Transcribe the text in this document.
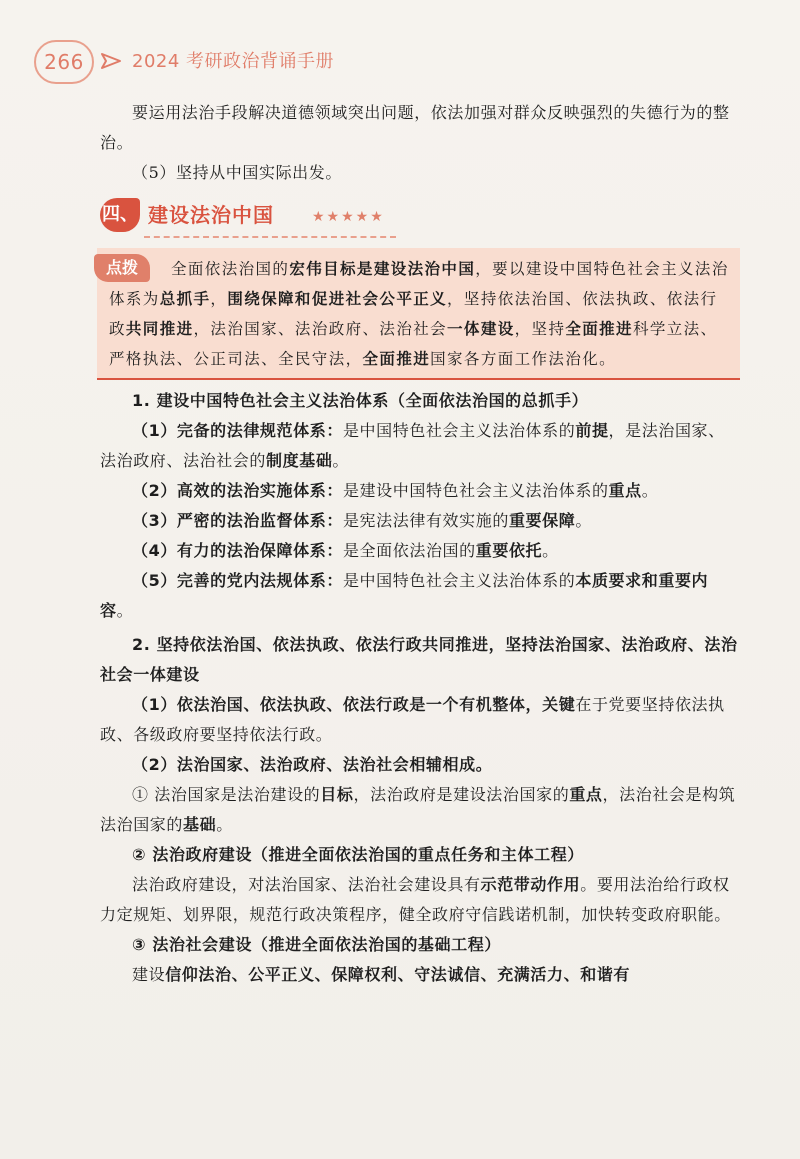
266	2024 考研政治背诵手册

要运用法治手段解决道德领域突出问题，依法加强对群众反映强烈的失德行为的整治。

（5）坚持从中国实际出发。

四、 建设法治中国	★★★★★
点拨	全面依法治国的宏伟目标是建设法治中国，要以建设中国特色社会主义法治体系为总抓手，围绕保障和促进社会公平正义，坚持依法治国、依法执政、依法行政共同推进，法治国家、法治政府、法治社会一体建设，坚持全面推进科学立法、严格执法、公正司法、全民守法，全面推进国家各方面工作法治化。

1. 建设中国特色社会主义法治体系（全面依法治国的总抓手）

（1）完备的法律规范体系：是中国特色社会主义法治体系的前提，是法治国家、法治政府、法治社会的制度基础。

（2）高效的法治实施体系：是建设中国特色社会主义法治体系的重点。

（3）严密的法治监督体系：是宪法法律有效实施的重要保障。

（4）有力的法治保障体系：是全面依法治国的重要依托。

（5）完善的党内法规体系：是中国特色社会主义法治体系的本质要求和重要内容。

2. 坚持依法治国、依法执政、依法行政共同推进，坚持法治国家、法治政府、法治社会一体建设

（1）依法治国、依法执政、依法行政是一个有机整体，关键在于党要坚持依法执政、各级政府要坚持依法行政。

（2）法治国家、法治政府、法治社会相辅相成。

① 法治国家是法治建设的目标，法治政府是建设法治国家的重点，法治社会是构筑法治国家的基础。

② 法治政府建设（推进全面依法治国的重点任务和主体工程）

法治政府建设，对法治国家、法治社会建设具有示范带动作用。要用法治给行政权力定规矩、划界限，规范行政决策程序，健全政府守信践诺机制，加快转变政府职能。

③ 法治社会建设（推进全面依法治国的基础工程）

建设信仰法治、公平正义、保障权利、守法诚信、充满活力、和谐有
